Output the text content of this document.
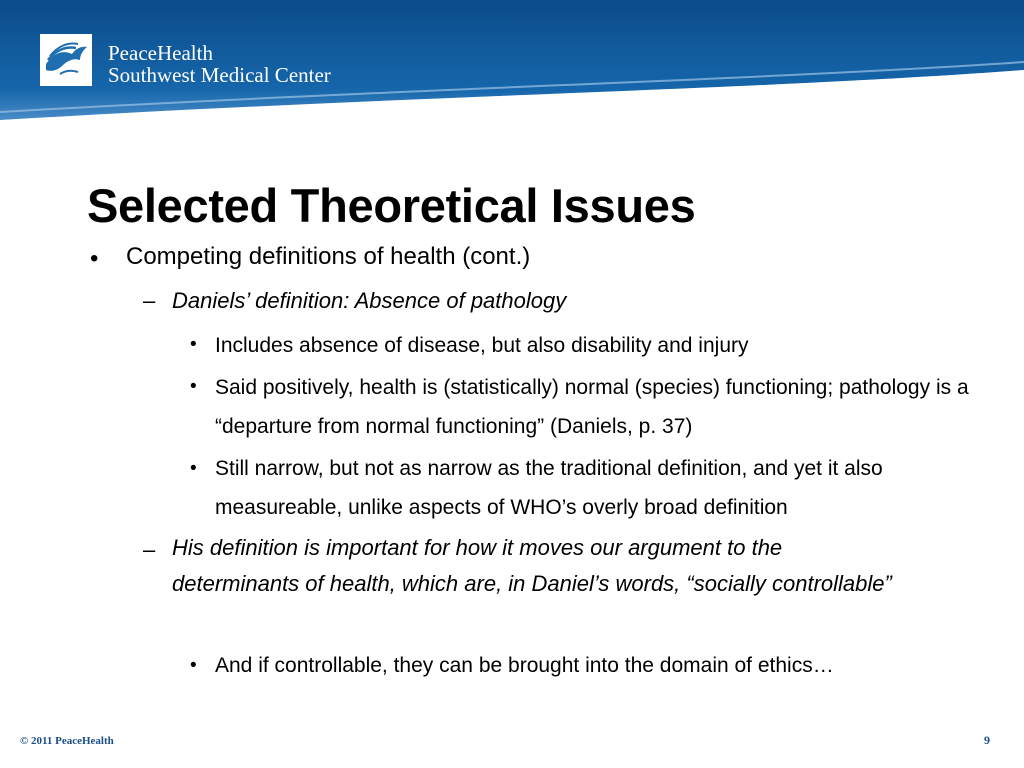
PeaceHealth
Southwest Medical Center
Selected Theoretical Issues
• Competing definitions of health (cont.)
– Daniels’ definition: Absence of pathology
• Includes absence of disease, but also disability and injury
• Said positively, health is (statistically) normal (species) functioning; pathology is a “departure from normal functioning” (Daniels, p. 37)
• Still narrow, but not as narrow as the traditional definition, and yet it also measureable, unlike aspects of WHO’s overly broad definition
– His definition is important for how it moves our argument to the determinants of health, which are, in Daniel’s words, “socially controllable”
• And if controllable, they can be brought into the domain of ethics…
© 2011 PeaceHealth	9
